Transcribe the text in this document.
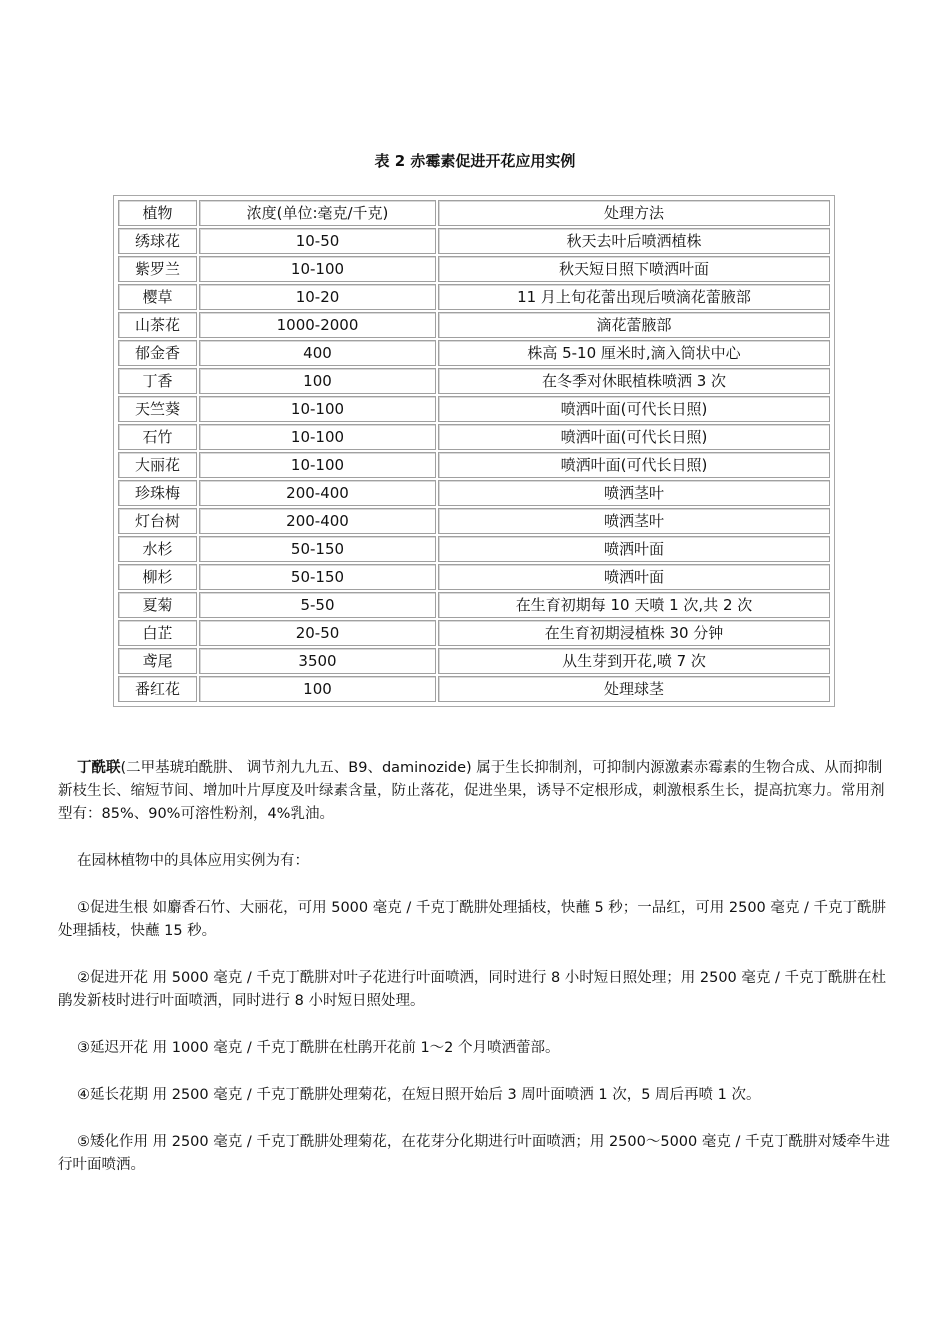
表 2 赤霉素促进开花应用实例
植物	浓度(单位:毫克/千克)	处理方法
绣球花	10-50	秋天去叶后喷洒植株
紫罗兰	10-100	秋天短日照下喷洒叶面
樱草	10-20	11 月上旬花蕾出现后喷滴花蕾腋部
山茶花	1000-2000	滴花蕾腋部
郁金香	400	株高 5-10 厘米时,滴入筒状中心
丁香	100	在冬季对休眠植株喷洒 3 次
天竺葵	10-100	喷洒叶面(可代长日照)
石竹	10-100	喷洒叶面(可代长日照)
大丽花	10-100	喷洒叶面(可代长日照)
珍珠梅	200-400	喷洒茎叶
灯台树	200-400	喷洒茎叶
水杉	50-150	喷洒叶面
柳杉	50-150	喷洒叶面
夏菊	5-50	在生育初期每 10 天喷 1 次,共 2 次
白芷	20-50	在生育初期浸植株 30 分钟
鸢尾	3500	从生芽到开花,喷 7 次
番红花	100	处理球茎

丁酰联(二甲基琥珀酰肼、 调节剂九九五、B9、daminozide) 属于生长抑制剂，可抑制内源激素赤霉素的生物合成、从而抑制新枝生长、缩短节间、增加叶片厚度及叶绿素含量，防止落花，促进坐果，诱导不定根形成，刺激根系生长，提高抗寒力。常用剂型有：85%、90%可溶性粉剂，4%乳油。

在园林植物中的具体应用实例为有：

①促进生根 如麝香石竹、大丽花，可用 5000 毫克 / 千克丁酰肼处理插枝，快蘸 5 秒；一品红，可用 2500 毫克 / 千克丁酰肼处理插枝，快蘸 15 秒。

②促进开花 用 5000 毫克 / 千克丁酰肼对叶子花进行叶面喷洒，同时进行 8 小时短日照处理；用 2500 毫克 / 千克丁酰肼在杜鹃发新枝时进行叶面喷洒，同时进行 8 小时短日照处理。

③延迟开花 用 1000 毫克 / 千克丁酰肼在杜鹃开花前 1～2 个月喷洒蕾部。

④延长花期 用 2500 毫克 / 千克丁酰肼处理菊花，在短日照开始后 3 周叶面喷洒 1 次，5 周后再喷 1 次。

⑤矮化作用 用 2500 毫克 / 千克丁酰肼处理菊花，在花芽分化期进行叶面喷洒；用 2500～5000 毫克 / 千克丁酰肼对矮牵牛进行叶面喷洒。
